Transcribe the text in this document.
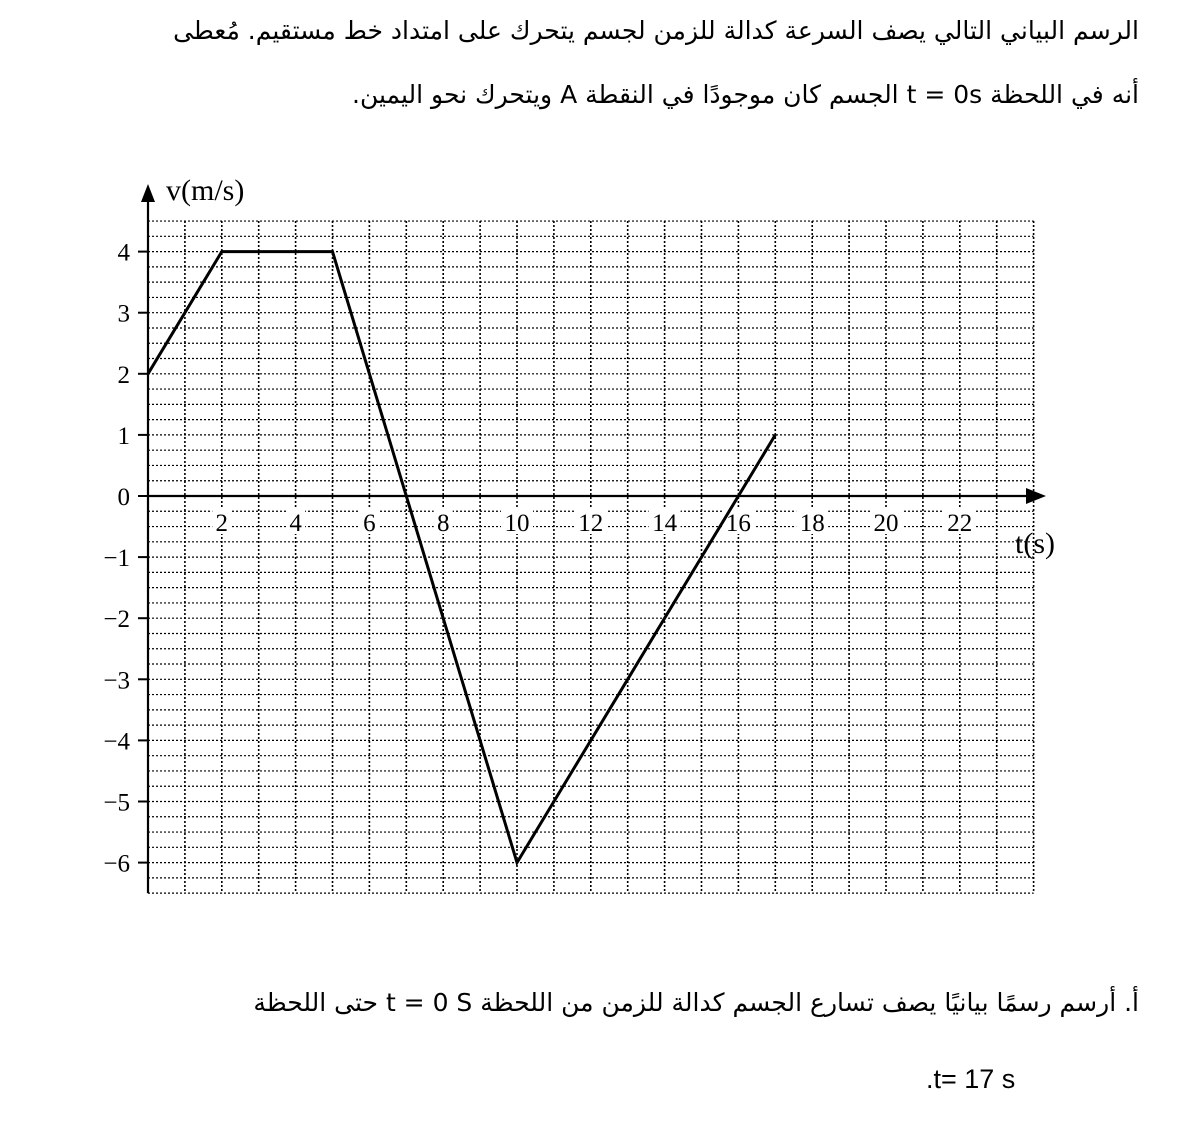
الرسم البياني التالي يصف السرعة كدالة للزمن لجسم يتحرك على امتداد خط مستقيم. مُعطى
أنه في اللحظة t = 0s الجسم كان موجودًا في النقطة A ويتحرك نحو اليمين.
4
3
2
1
0
−1
−2
−3
−4
−5
−6
2 4 6 8 10 12 14 16 18 20 22
v(m/s)
t(s)
أ. أرسم رسمًا بيانيًا يصف تسارع الجسم كدالة للزمن من اللحظة t = 0 S حتى اللحظة
.t= 17 s
